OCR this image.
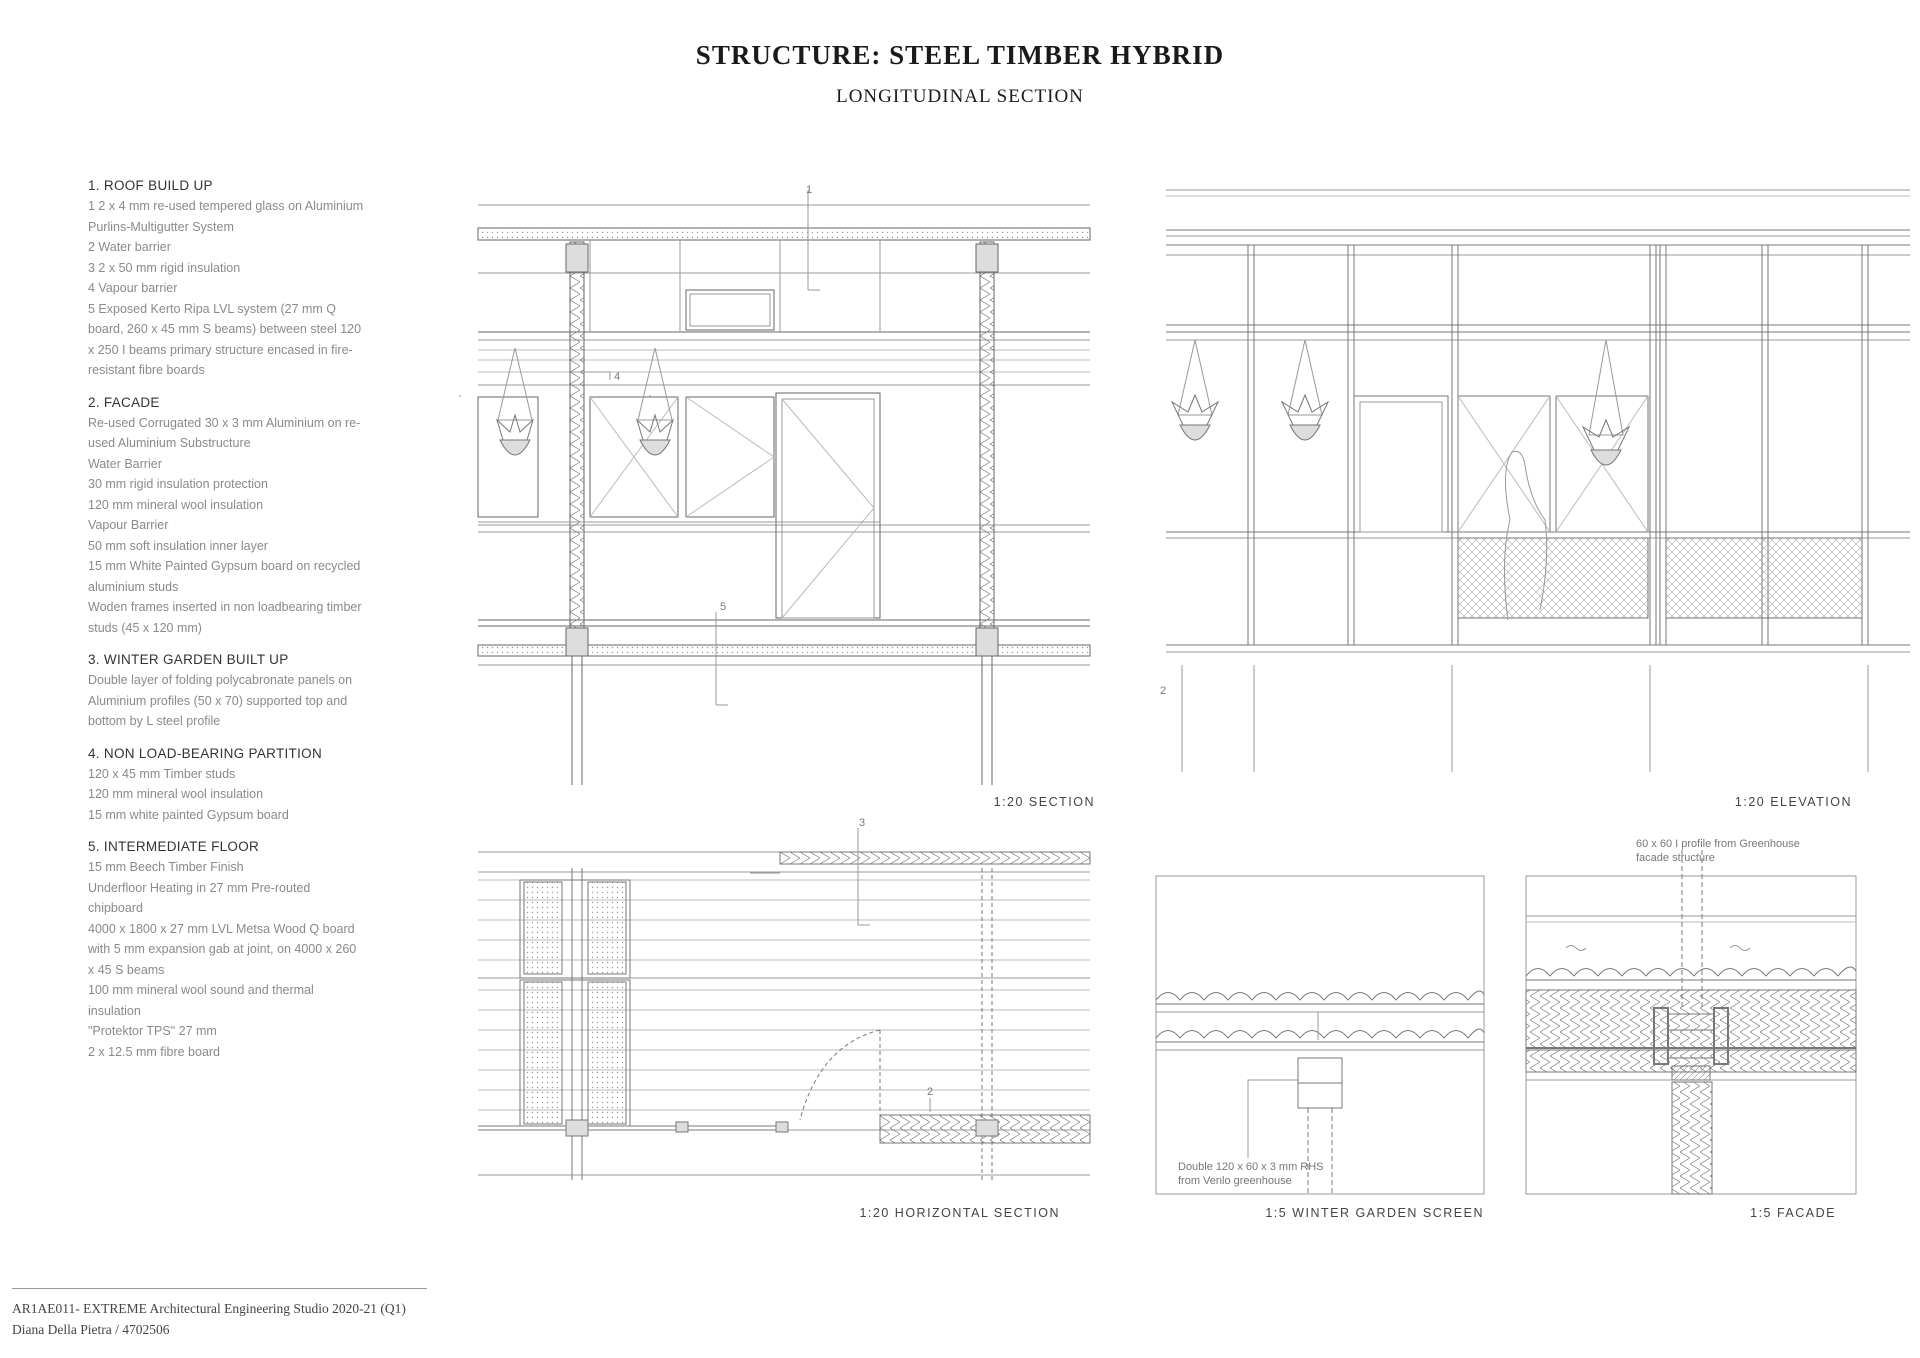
STRUCTURE: STEEL TIMBER HYBRID
LONGITUDINAL SECTION
1. ROOF BUILD UP
1 2 x 4 mm re-used tempered glass on Aluminium
Purlins-Multigutter System
2 Water barrier
3 2 x 50 mm rigid insulation
4 Vapour barrier
5 Exposed Kerto Ripa LVL system (27 mm Q
board, 260 x 45 mm S beams) between steel 120
x 250 I beams primary structure encased in fire-
resistant fibre boards
2. FACADE
Re-used Corrugated 30 x 3 mm Aluminium on re-
used Aluminium Substructure
Water Barrier
30 mm rigid insulation protection
120 mm mineral wool insulation
Vapour Barrier
50 mm soft insulation inner layer
15 mm White Painted Gypsum board on recycled
aluminium studs
Woden frames inserted in non loadbearing timber
studs (45 x 120 mm)
3. WINTER GARDEN BUILT UP
Double layer of folding polycabronate panels on
Aluminium profiles (50 x 70) supported top and
bottom by L steel profile
4. NON LOAD-BEARING PARTITION
120 x 45 mm Timber studs
120 mm mineral wool insulation
15 mm white painted Gypsum board
5. INTERMEDIATE FLOOR
15 mm Beech Timber Finish
Underfloor Heating in 27 mm Pre-routed
chipboard
4000 x 1800 x 27 mm LVL Metsa Wood Q board
with 5 mm expansion gab at joint, on 4000 x 260
x 45 S beams
100 mm mineral wool sound and thermal
insulation
"Protektor TPS" 27 mm
2 x 12.5 mm fibre board
1
4
5
1:20 SECTION
2
1:20 ELEVATION
3
2
1:20 HORIZONTAL SECTION
Double 120 x 60 x 3 mm RHS
from Venlo greenhouse
1:5 WINTER GARDEN SCREEN
60 x 60 I profile from Greenhouse
facade structure
1:5 FACADE
AR1AE011- EXTREME Architectural Engineering Studio 2020-21 (Q1)
Diana Della Pietra / 4702506
